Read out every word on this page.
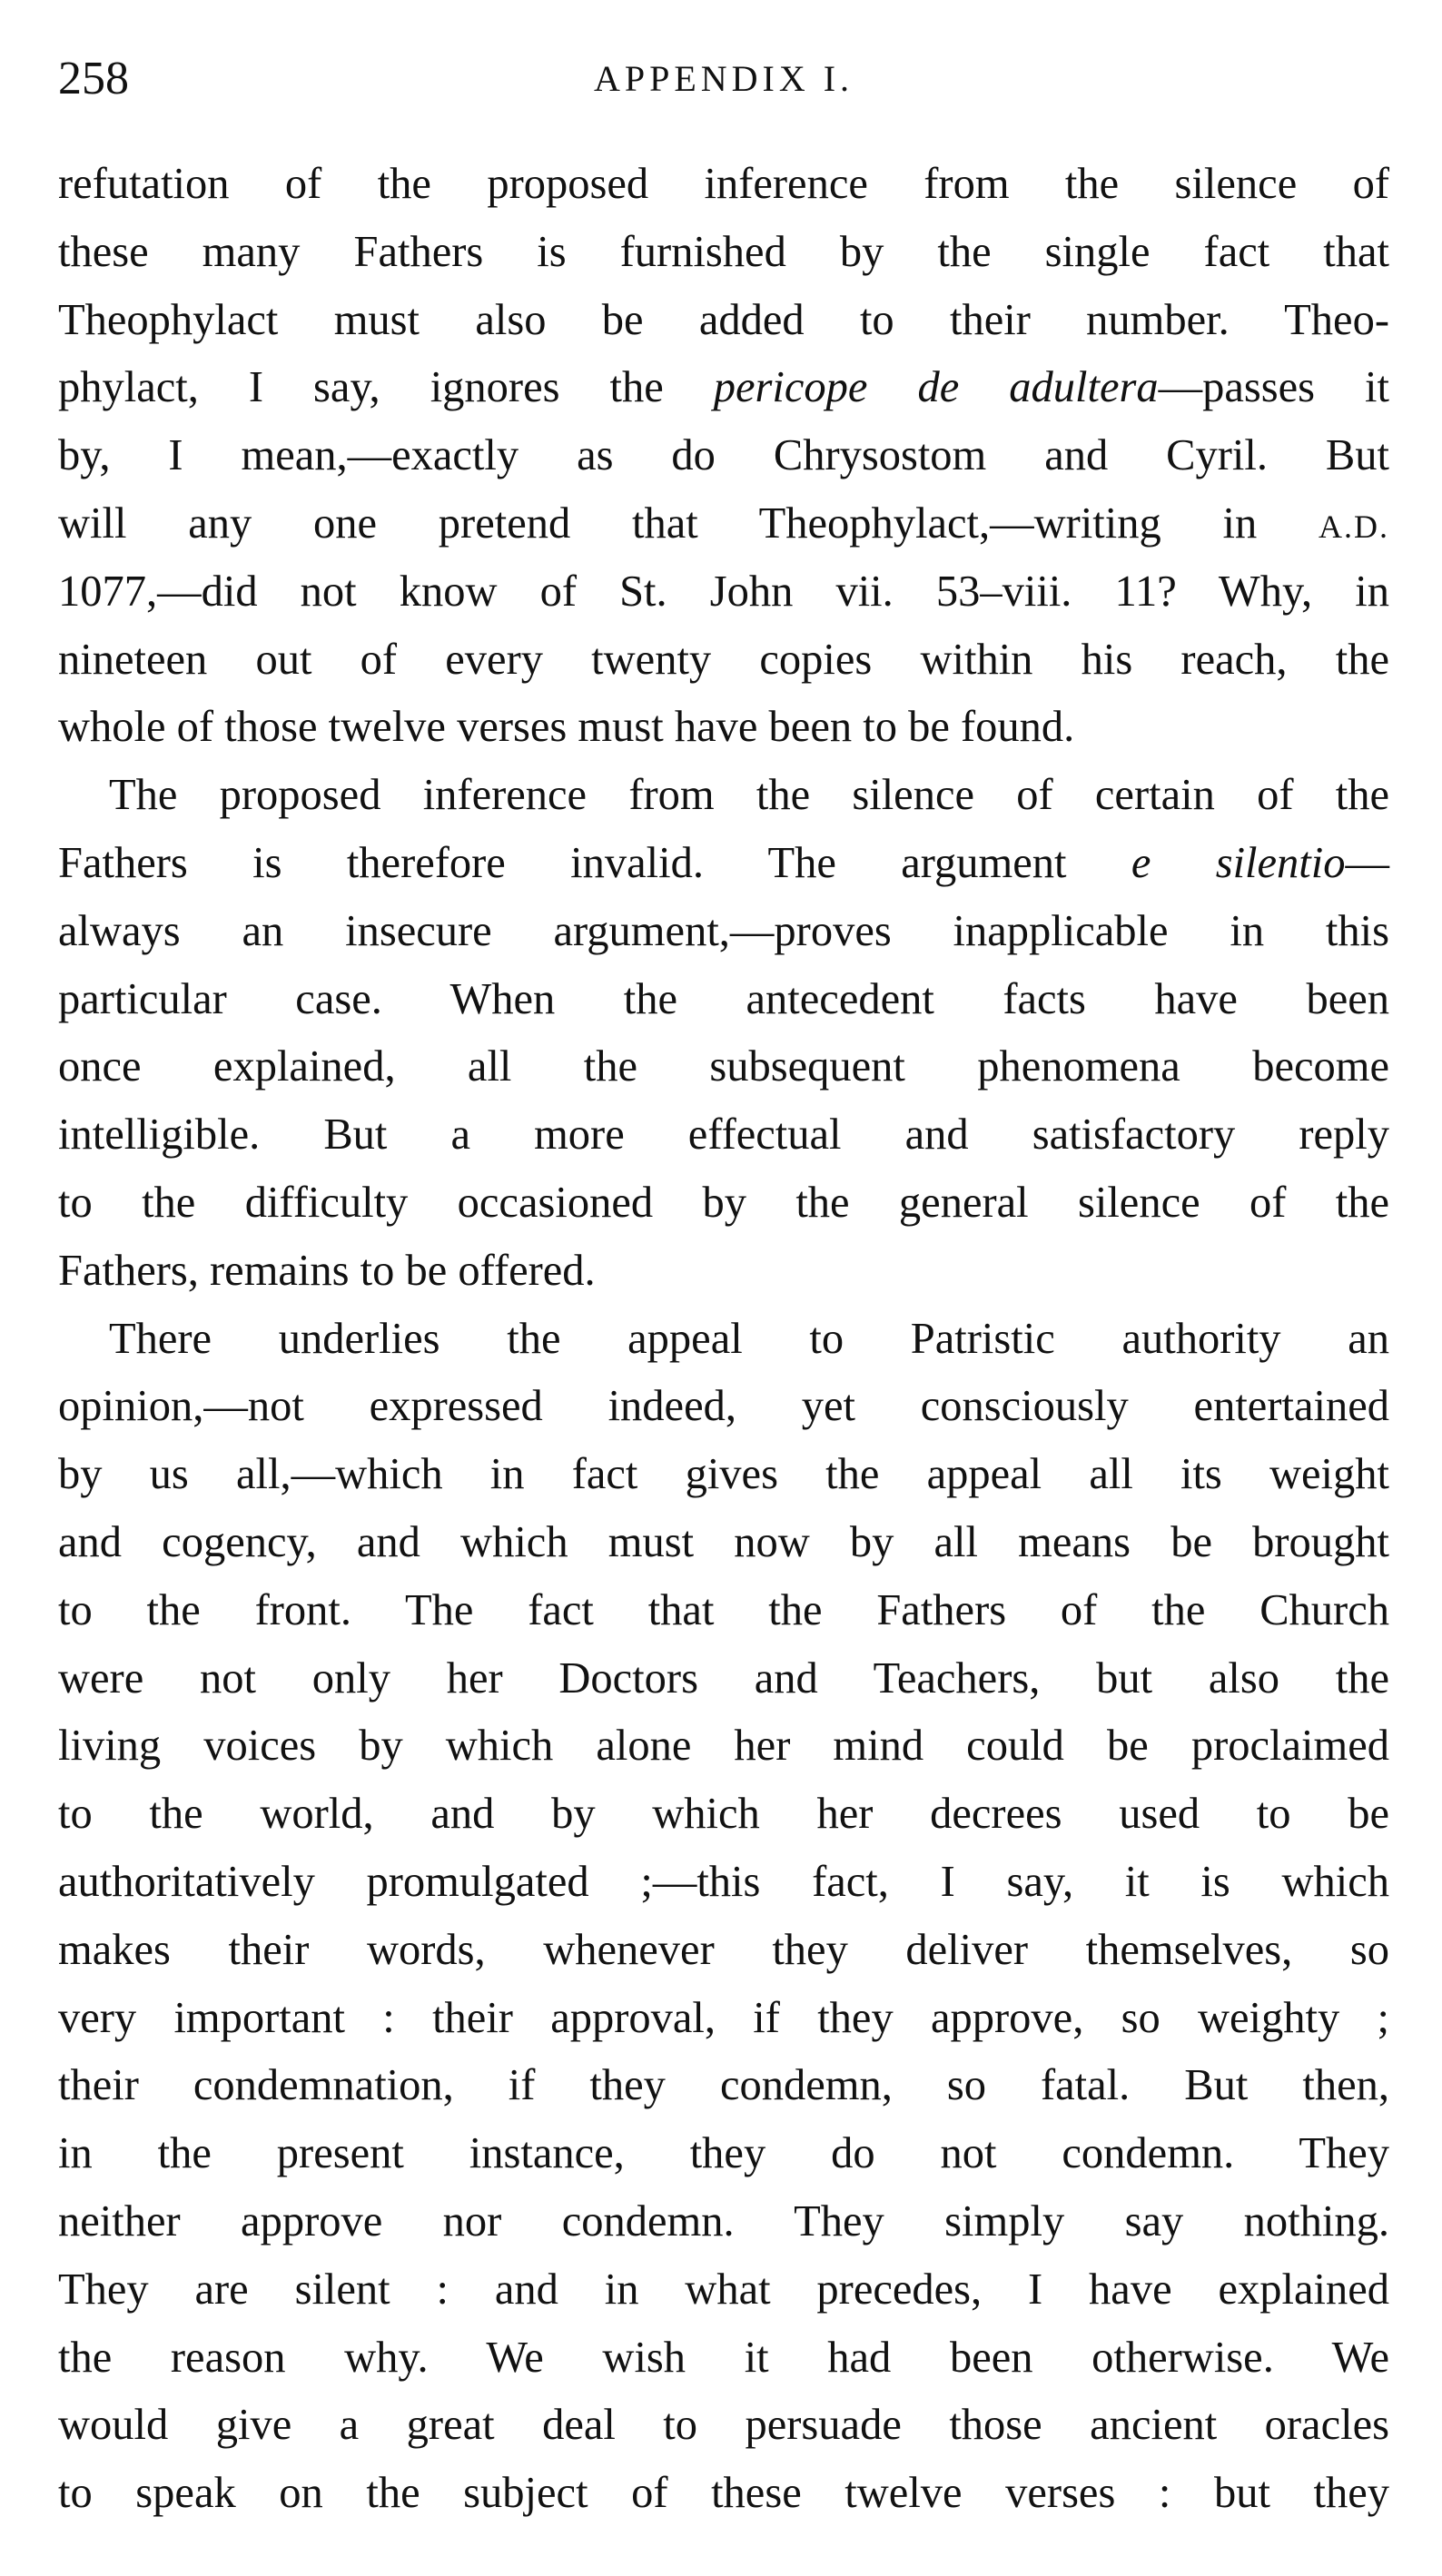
258	APPENDIX I.
refutation of the proposed inference from the silence of
these many Fathers is furnished by the single fact that
Theophylact must also be added to their number. Theo-
phylact, I say, ignores the pericope de adultera—passes it
by, I mean,—exactly as do Chrysostom and Cyril. But
will any one pretend that Theophylact,—writing in A.D.
1077,—did not know of St. John vii. 53–viii. 11? Why, in
nineteen out of every twenty copies within his reach, the
whole of those twelve verses must have been to be found.
The proposed inference from the silence of certain of the
Fathers is therefore invalid. The argument e silentio—
always an insecure argument,—proves inapplicable in this
particular case. When the antecedent facts have been
once explained, all the subsequent phenomena become
intelligible. But a more effectual and satisfactory reply
to the difficulty occasioned by the general silence of the
Fathers, remains to be offered.
There underlies the appeal to Patristic authority an
opinion,—not expressed indeed, yet consciously entertained
by us all,—which in fact gives the appeal all its weight
and cogency, and which must now by all means be brought
to the front. The fact that the Fathers of the Church
were not only her Doctors and Teachers, but also the
living voices by which alone her mind could be proclaimed
to the world, and by which her decrees used to be
authoritatively promulgated ;—this fact, I say, it is which
makes their words, whenever they deliver themselves, so
very important : their approval, if they approve, so weighty ;
their condemnation, if they condemn, so fatal. But then,
in the present instance, they do not condemn. They
neither approve nor condemn. They simply say nothing.
They are silent : and in what precedes, I have explained
the reason why. We wish it had been otherwise. We
would give a great deal to persuade those ancient oracles
to speak on the subject of these twelve verses : but they
